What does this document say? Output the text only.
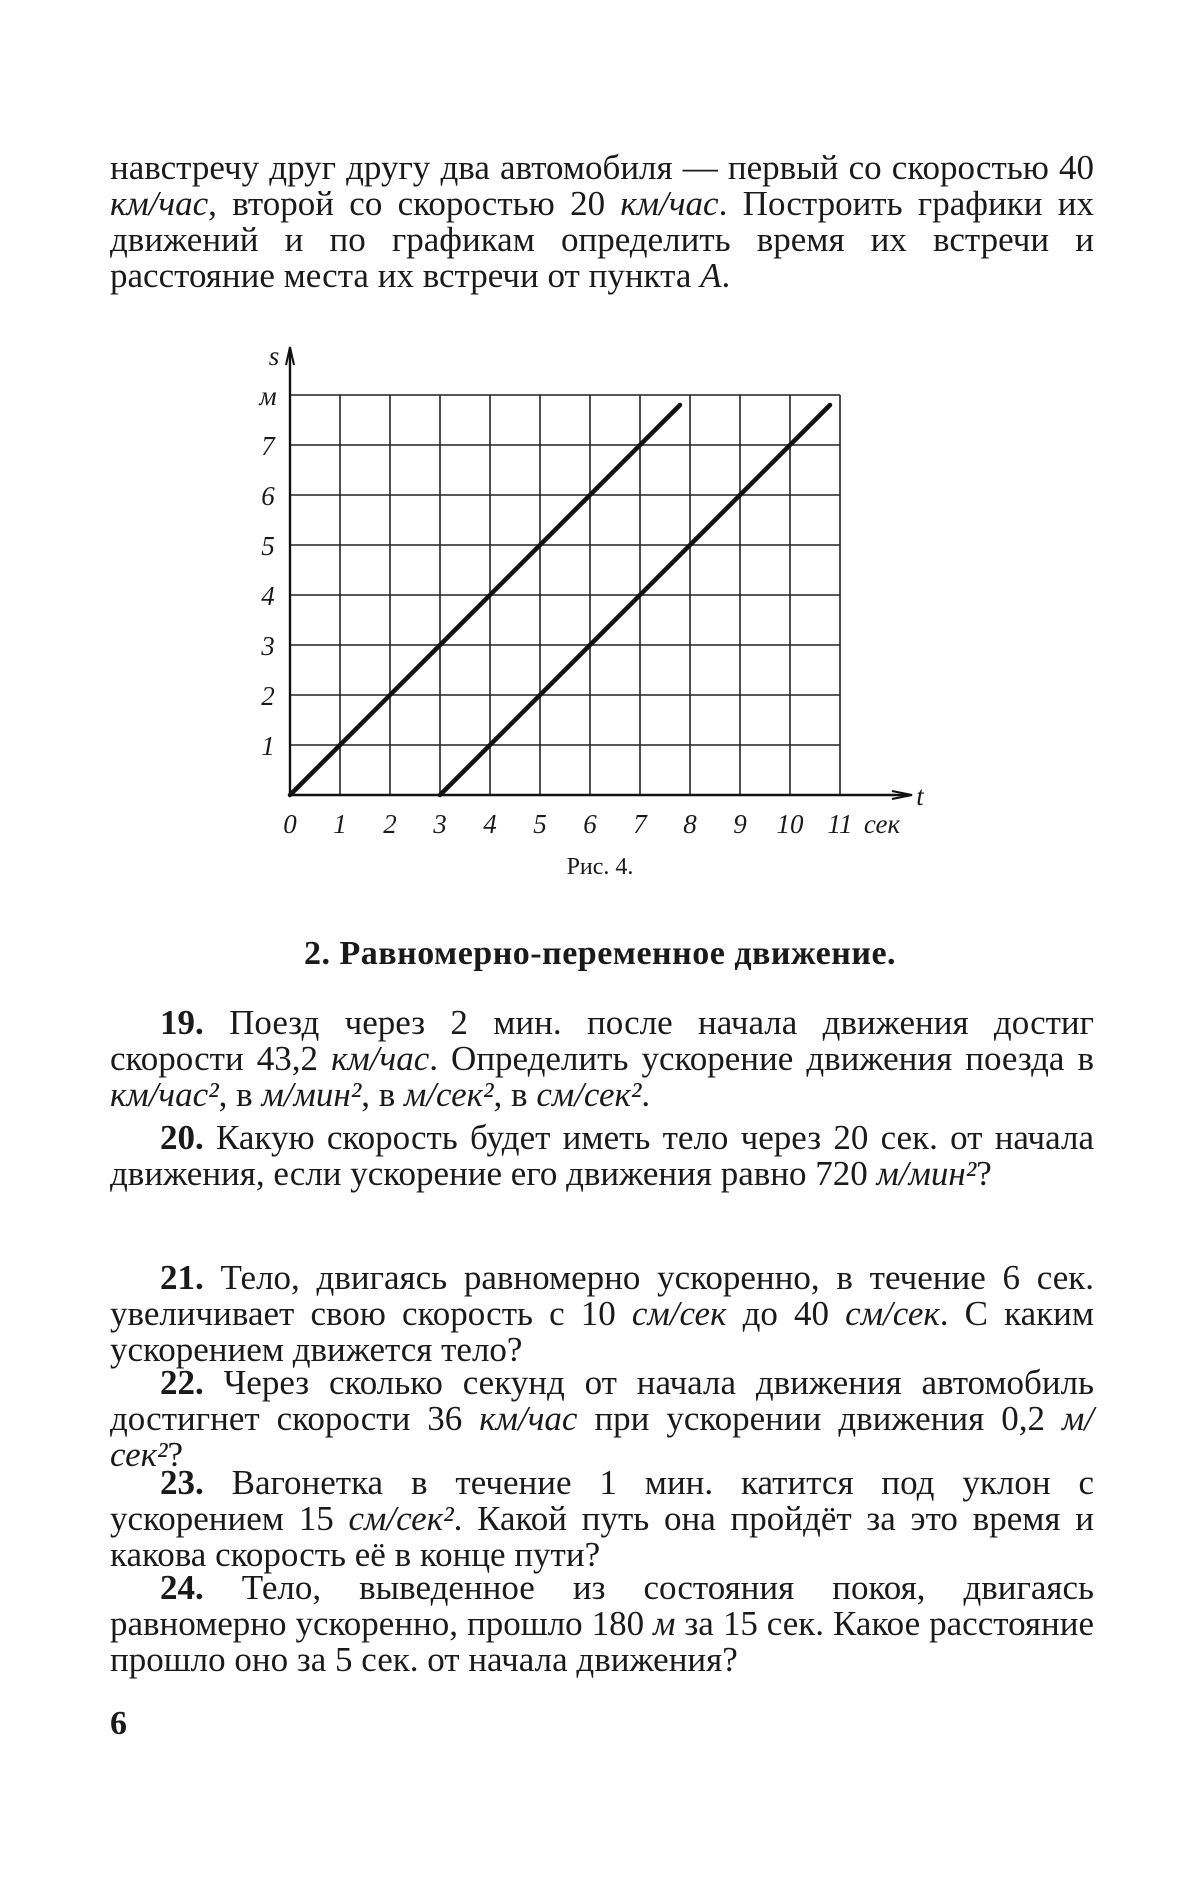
навстречу друг другу два автомобиля — первый со скоростью 40 км/час, второй со скоростью 20 км/час. Построить графики их движений и по графикам определить время их встречи и расстояние места их встречи от пункта А.

0 1 2 3 4 5 6 7 8 9 10 11
1
2
3
4
5
6
7
s
м
t
сек
Рис. 4.
2. Равномерно-переменное движение.

19. Поезд через 2 мин. после начала движения достиг скорости 43,2 км/час. Определить ускорение движения поезда в км/час², в м/мин², в м/сек², в см/сек².

20. Какую скорость будет иметь тело через 20 сек. от начала движения, если ускорение его движения равно 720 м/мин²?

21. Тело, двигаясь равномерно ускоренно, в течение 6 сек. увеличивает свою скорость с 10 см/сек до 40 см/сек. С каким ускорением движется тело?

22. Через сколько секунд от начала движения автомобиль достигнет скорости 36 км/час при ускорении движения 0,2 м/сек²?

23. Вагонетка в течение 1 мин. катится под уклон с ускорением 15 см/сек². Какой путь она пройдёт за это время и какова скорость её в конце пути?

24. Тело, выведенное из состояния покоя, двигаясь равномерно ускоренно, прошло 180 м за 15 сек. Какое расстояние прошло оно за 5 сек. от начала движения?

6
